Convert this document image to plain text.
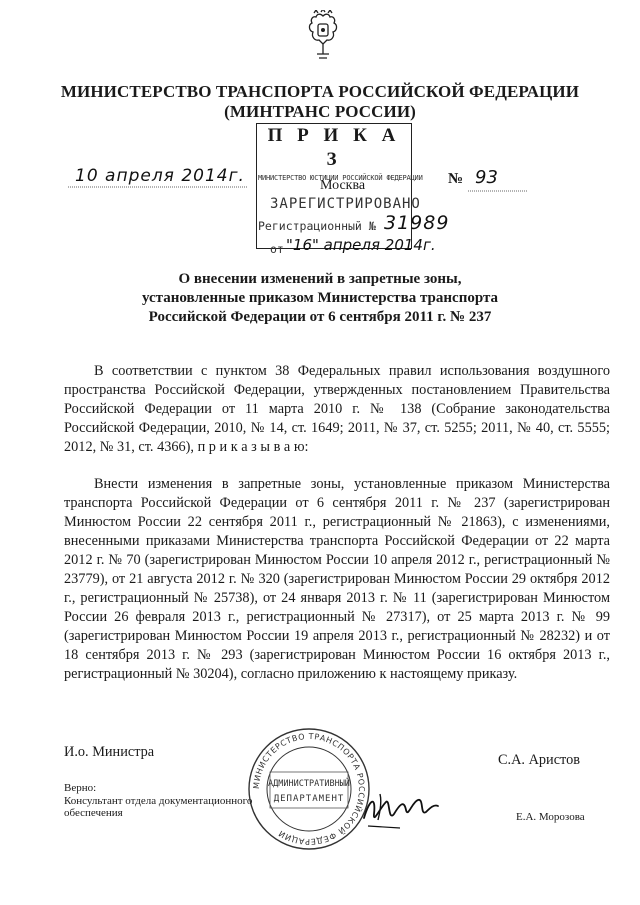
МИНИСТЕРСТВО ТРАНСПОРТА РОССИЙСКОЙ ФЕДЕРАЦИИ
(МИНТРАНС РОССИИ)
П Р И К А З
10 апреля 2014г. МИНИСТЕРСТВО ЮСТИЦИИ РОССИЙСКОЙ ФЕДЕРАЦИИ
Москва	№ 93
ЗАРЕГИСТРИРОВАНО
Регистрационный № 31989
от "16" апреля 2014г.
О внесении изменений в запретные зоны,
установленные приказом Министерства транспорта
Российской Федерации от 6 сентября 2011 г. № 237
В соответствии с пунктом 38 Федеральных правил использования воздушного пространства Российской Федерации, утвержденных постановлением Правительства Российской Федерации от 11 марта 2010 г. № 138 (Собрание законодательства Российской Федерации, 2010, № 14, ст. 1649; 2011, № 37, ст. 5255; 2011, № 40, ст. 5555; 2012, № 31, ст. 4366), п р и к а з ы в а ю:
Внести изменения в запретные зоны, установленные приказом Министерства транспорта Российской Федерации от 6 сентября 2011 г. № 237 (зарегистрирован Минюстом России 22 сентября 2011 г., регистрационный № 21863), с изменениями, внесенными приказами Министерства транспорта Российской Федерации от 22 марта 2012 г. № 70 (зарегистрирован Минюстом России 10 апреля 2012 г., регистрационный № 23779), от 21 августа 2012 г. № 320 (зарегистрирован Минюстом России 29 октября 2012 г., регистрационный № 25738), от 24 января 2013 г. № 11 (зарегистрирован Минюстом России 26 февраля 2013 г., регистрационный № 27317), от 25 марта 2013 г. № 99 (зарегистрирован Минюстом России 19 апреля 2013 г., регистрационный № 28232) и от 18 сентября 2013 г. № 293 (зарегистрирован Минюстом России 16 октября 2013 г., регистрационный № 30204), согласно приложению к настоящему приказу.
И.о. Министра	С.А. Аристов
МИНИСТЕРСТВО ТРАНСПОРТА РОССИЙСКОЙ ФЕДЕРАЦИИ
АДМИНИСТРАТИВНЫЙ
ДЕПАРТАМЕНТ
Верно:
Консультант отдела документационного
обеспечения	Е.А. Морозова
